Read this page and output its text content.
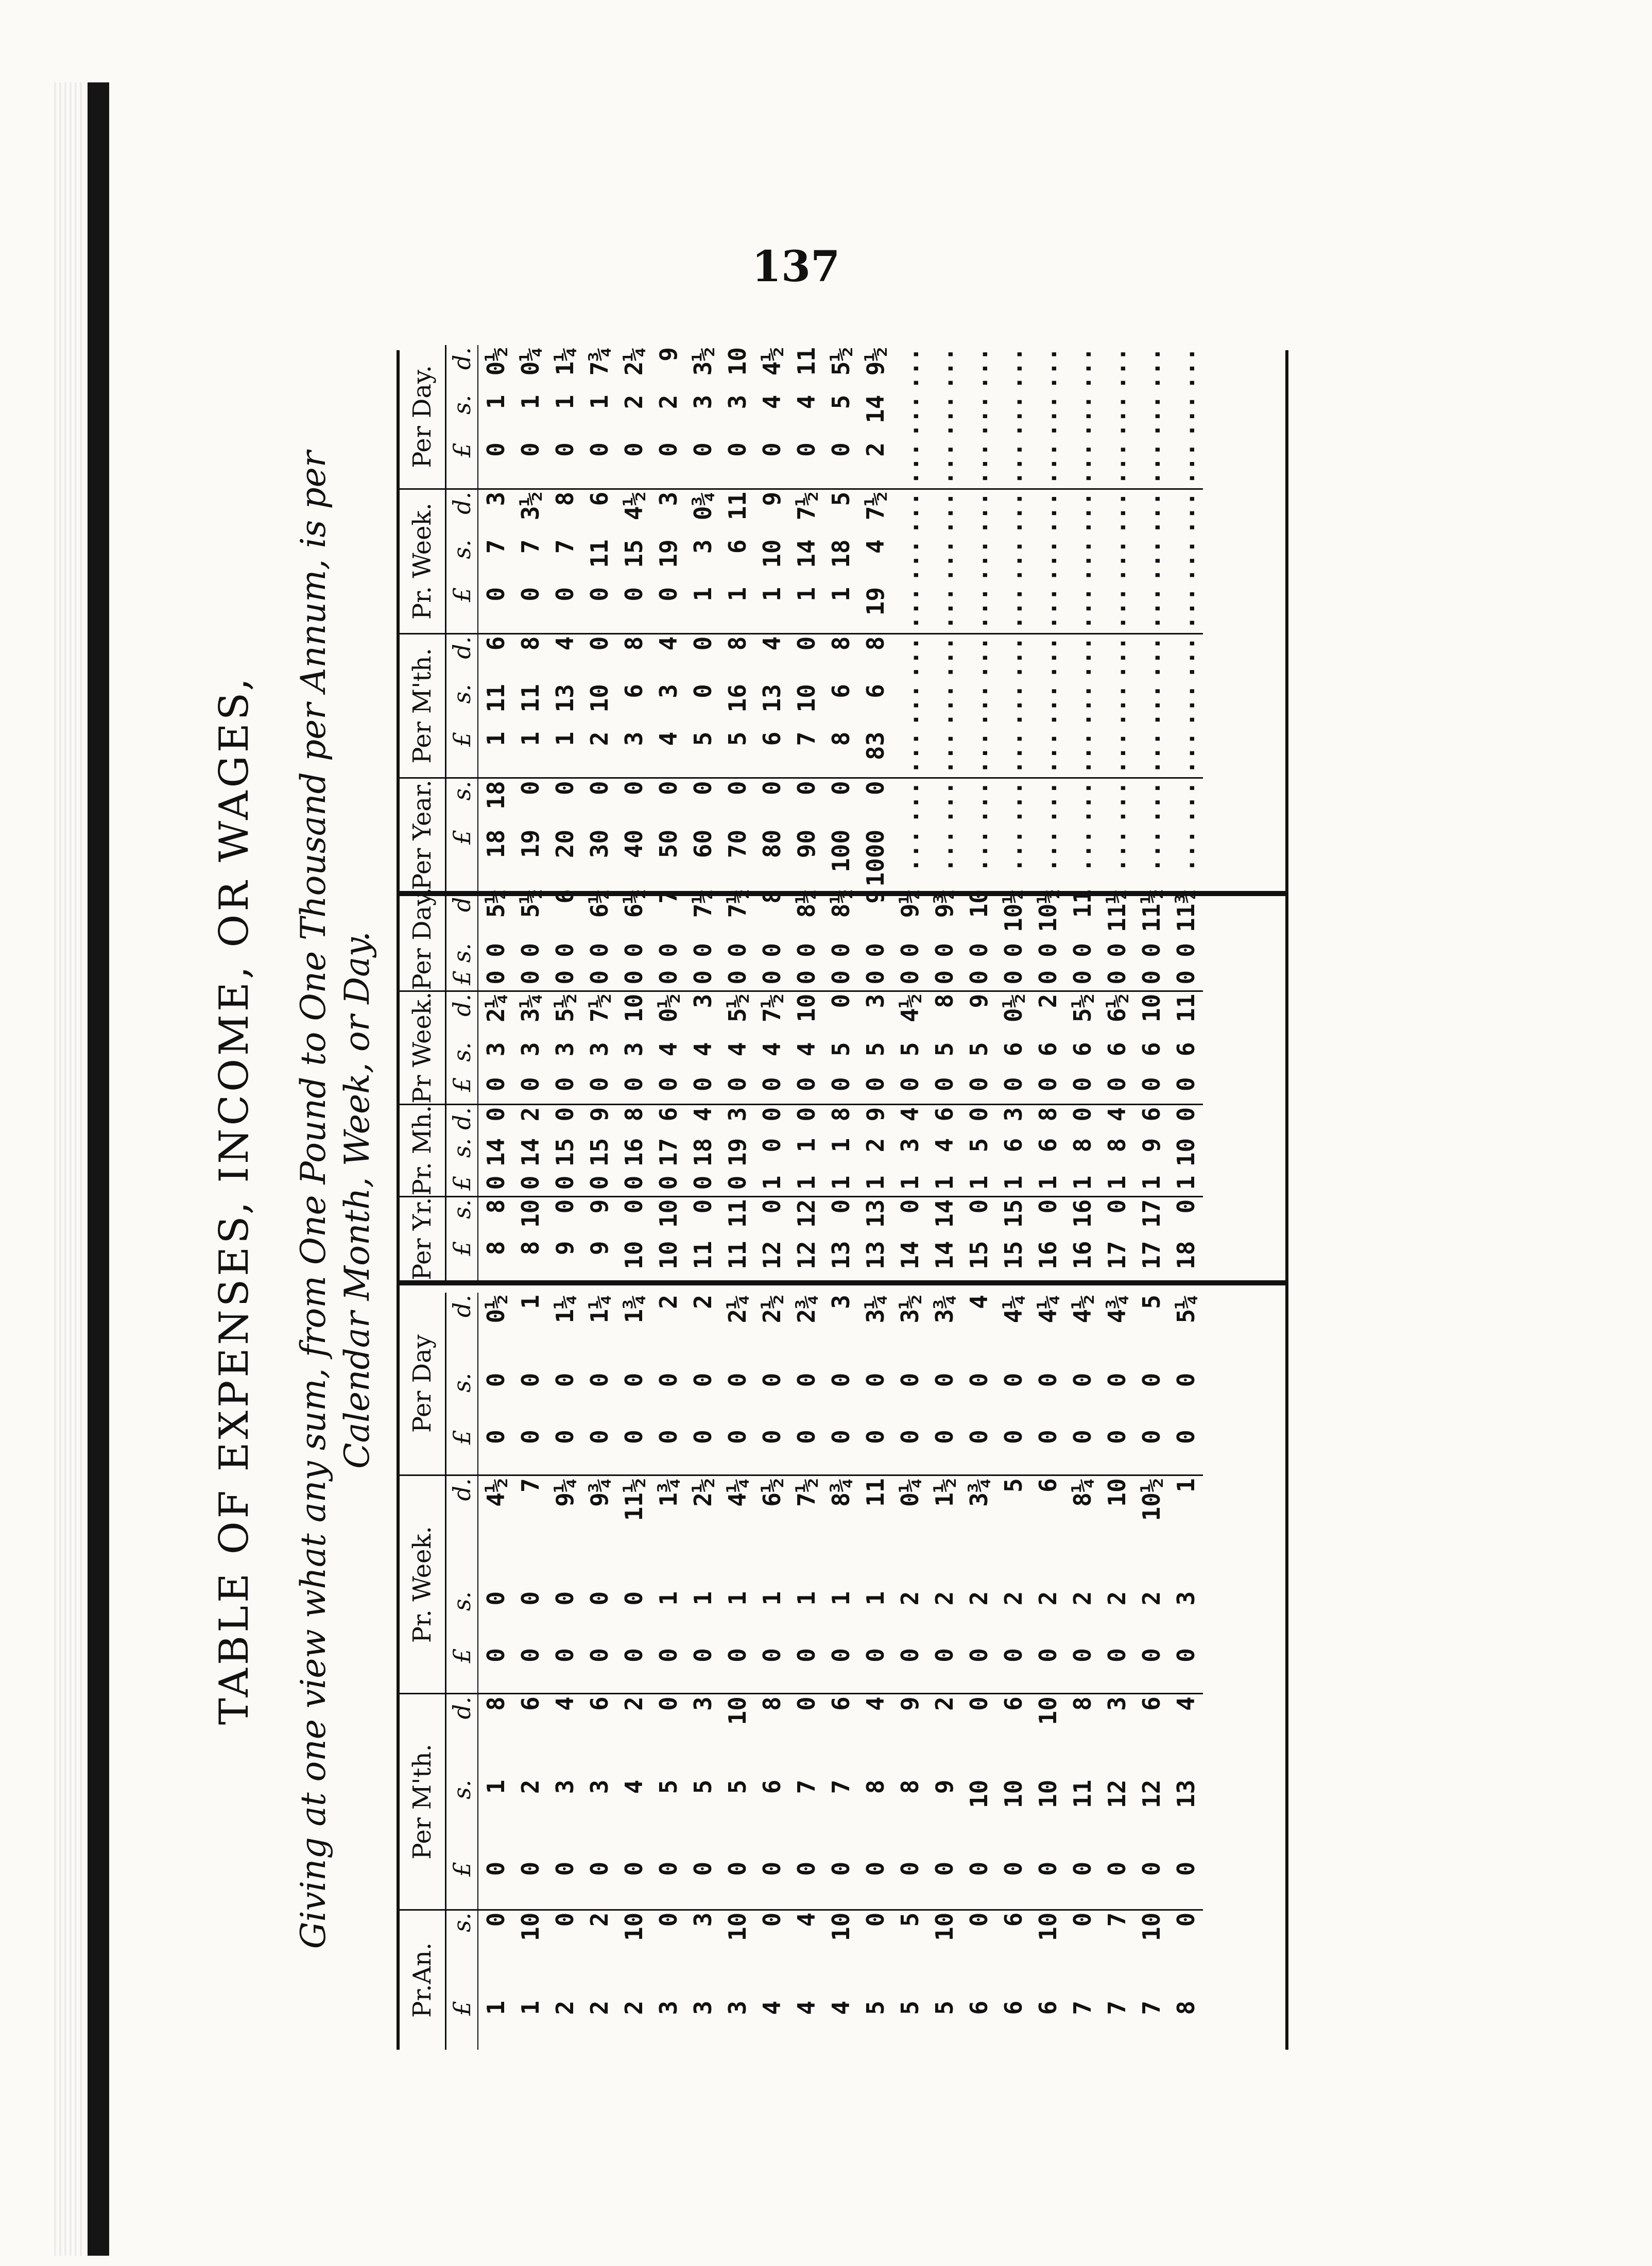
137
TABLE OF EXPENSES, INCOME, OR WAGES, Giving at one view what any sum, from One Pound to One Thousand per Annum, is per Calendar Month, Week, or Day.
Pr.An.		Per M'th.			Pr. Week.			Per Day		
£	s.	£	s.	d.	£	s.	d.	£	s.	d.
1	0	0	1	8	0	0	4½	0	0	0½
1	10	0	2	6	0	0	7	0	0	1
2	0	0	3	4	0	0	9¼	0	0	1¼
2	2	0	3	6	0	0	9¾	0	0	1¼
2	10	0	4	2	0	0	11½	0	0	1¾
3	0	0	5	0	0	1	1¾	0	0	2
3	3	0	5	3	0	1	2½	0	0	2
3	10	0	5	10	0	1	4¼	0	0	2¼
4	0	0	6	8	0	1	6½	0	0	2½
4	4	0	7	0	0	1	7½	0	0	2¾
4	10	0	7	6	0	1	8¾	0	0	3
5	0	0	8	4	0	1	11	0	0	3¼
5	5	0	8	9	0	2	0¼	0	0	3½
5	10	0	9	2	0	2	1½	0	0	3¾
6	0	0	10	0	0	2	3¾	0	0	4
6	6	0	10	6	0	2	5	0	0	4¼
6	10	0	10	10	0	2	6	0	0	4¼
7	0	0	11	8	0	2	8¼	0	0	4½
7	7	0	12	3	0	2	10	0	0	4¾
7	10	0	12	6	0	2	10½	0	0	5
8	0	0	13	4	0	3	1	0	0	5¼
Per Yr.		Pr. Mh.			Pr Week.			Per Day.		
£	s.	£	s.	d.	£	s.	d.	£	s.	d.
8	8	0	14	0	0	3	2¼	0	0	5¼
8	10	0	14	2	0	3	3¼	0	0	5½
9	0	0	15	0	0	3	5½	0	0	6
9	9	0	15	9	0	3	7½	0	0	6¼
10	0	0	16	8	0	3	10	0	0	6½
10	10	0	17	6	0	4	0½	0	0	7
11	0	0	18	4	0	4	3	0	0	7¼
11	11	0	19	3	0	4	5½	0	0	7½
12	0	1	0	0	0	4	7½	0	0	8
12	12	1	1	0	0	4	10	0	0	8¼
13	0	1	1	8	0	5	0	0	0	8½
13	13	1	2	9	0	5	3	0	0	9
14	0	1	3	4	0	5	4½	0	0	9¼
14	14	1	4	6	0	5	8	0	0	9¾
15	0	1	5	0	0	5	9	0	0	10
15	15	1	6	3	0	6	0½	0	0	10¼
16	0	1	6	8	0	6	2	0	0	10½
16	16	1	8	0	0	6	5½	0	0	11
17	0	1	8	4	0	6	6½	0	0	11¼
17	17	1	9	6	0	6	10	0	0	11½
18	0	1	10	0	0	6	11	0	0	11¾
Per Year.		Per M'th.			Pr. Week.			Per Day.		
£	s.	£	s.	d.	£	s.	d.	£	s.	d.
18	18	1	11	6	0	7	3	0	1	0½
19	0	1	11	8	0	7	3½	0	1	0¼
20	0	1	13	4	0	7	8	0	1	1¼
30	0	2	10	0	0	11	6	0	1	7¾
40	0	3	6	8	0	15	4½	0	2	2¼
50	0	4	3	4	0	19	3	0	2	9
60	0	5	0	0	1	3	0¾	0	3	3½
70	0	5	16	8	1	6	11	0	3	10
80	0	6	13	4	1	10	9	0	4	4½
90	0	7	10	0	1	14	7½	0	4	11
100	0	8	6	8	1	18	5	0	5	5½
1000	0	83	6	8	19	4	7½	2	14	9½
...	...	...	...	...	...	...	...	...	...	...
...	...	...	...	...	...	...	...	...	...	...
...	...	...	...	...	...	...	...	...	...	...
...	...	...	...	...	...	...	...	...	...	...
...	...	...	...	...	...	...	...	...	...	...
...	...	...	...	...	...	...	...	...	...	...
...	...	...	...	...	...	...	...	...	...	...
...	...	...	...	...	...	...	...	...	...	...
...	...	...	...	...	...	...	...	...	...	...
